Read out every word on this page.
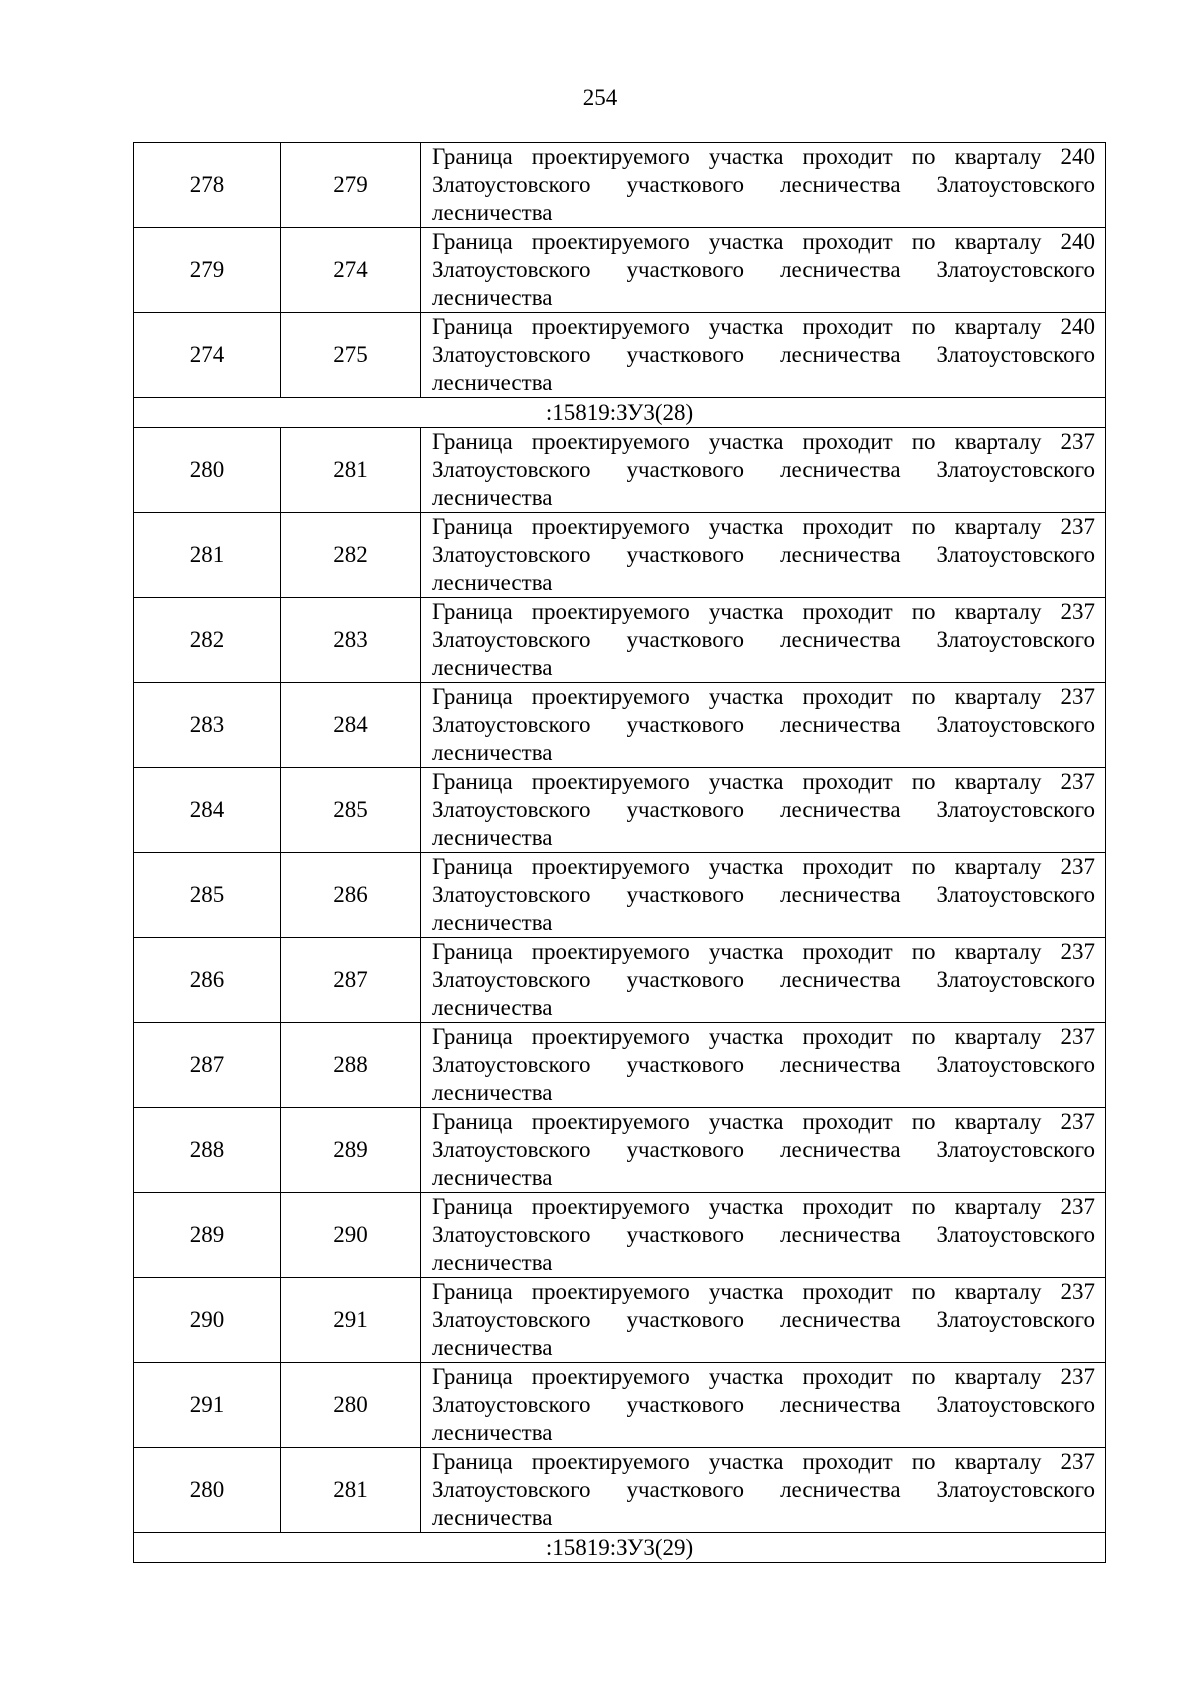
254
278	279	Граница проектируемого участка проходит по кварталу 240 Златоустовского участкового лесничества Златоустовского лесничества
279	274	Граница проектируемого участка проходит по кварталу 240 Златоустовского участкового лесничества Златоустовского лесничества
274	275	Граница проектируемого участка проходит по кварталу 240 Златоустовского участкового лесничества Златоустовского лесничества
:15819:ЗУ3(28)		
280	281	Граница проектируемого участка проходит по кварталу 237 Златоустовского участкового лесничества Златоустовского лесничества
281	282	Граница проектируемого участка проходит по кварталу 237 Златоустовского участкового лесничества Златоустовского лесничества
282	283	Граница проектируемого участка проходит по кварталу 237 Златоустовского участкового лесничества Златоустовского лесничества
283	284	Граница проектируемого участка проходит по кварталу 237 Златоустовского участкового лесничества Златоустовского лесничества
284	285	Граница проектируемого участка проходит по кварталу 237 Златоустовского участкового лесничества Златоустовского лесничества
285	286	Граница проектируемого участка проходит по кварталу 237 Златоустовского участкового лесничества Златоустовского лесничества
286	287	Граница проектируемого участка проходит по кварталу 237 Златоустовского участкового лесничества Златоустовского лесничества
287	288	Граница проектируемого участка проходит по кварталу 237 Златоустовского участкового лесничества Златоустовского лесничества
288	289	Граница проектируемого участка проходит по кварталу 237 Златоустовского участкового лесничества Златоустовского лесничества
289	290	Граница проектируемого участка проходит по кварталу 237 Златоустовского участкового лесничества Златоустовского лесничества
290	291	Граница проектируемого участка проходит по кварталу 237 Златоустовского участкового лесничества Златоустовского лесничества
291	280	Граница проектируемого участка проходит по кварталу 237 Златоустовского участкового лесничества Златоустовского лесничества
280	281	Граница проектируемого участка проходит по кварталу 237 Златоустовского участкового лесничества Златоустовского лесничества
:15819:ЗУ3(29)		
